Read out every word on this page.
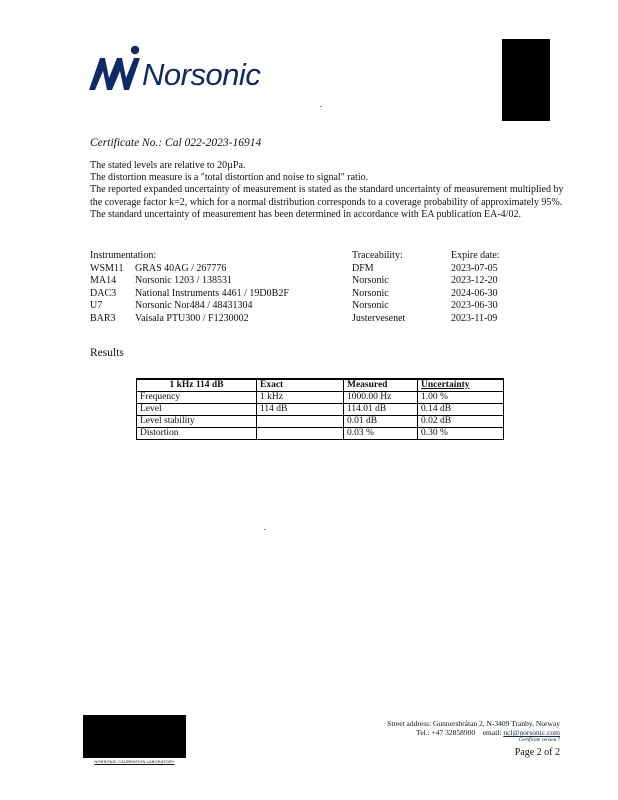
Norsonic
Certificate No.: Cal 022-2023-16914

The stated levels are relative to 20µPa.

The distortion measure is a "total distortion and noise to signal" ratio.

The reported expanded uncertainty of measurement is stated as the standard uncertainty of measurement multiplied by the coverage factor k=2, which for a normal distribution corresponds to a coverage probability of approximately 95%. The standard uncertainty of measurement has been determined in accordance with EA publication EA-4/02.

Instrumentation:	Traceability:	Expire date:
WSM11 GRAS 40AG / 267776	DFM	2023-07-05
MA14 Norsonic 1203 / 138531	Norsonic	2023-12-20
DAC3 National Instruments 4461 / 19D0B2F	Norsonic	2024-06-30
U7	Norsonic Nor484 / 48431304	Norsonic	2023-06-30
BAR3 Vaisala PTU300 / F1230002	Justervesenet	2023-11-09
Results
1 kHz 114 dB	Exact	Measured	Uncertainty
Frequency	1 kHz	1000.00 Hz	1.00 %
Level	114 dB	114.01 dB	0.14 dB
Level stability		0.01 dB	0.02 dB
Distortion		0.03 %	0.30 %
NORSONIC CALIBRATION LABORATORY
Street address: Gunnersbråtan 2, N-3409 Tranby, Norway
Tel.: +47 32858900 email: ncl@norsonic.com
Certificate version 7
Page 2 of 2
